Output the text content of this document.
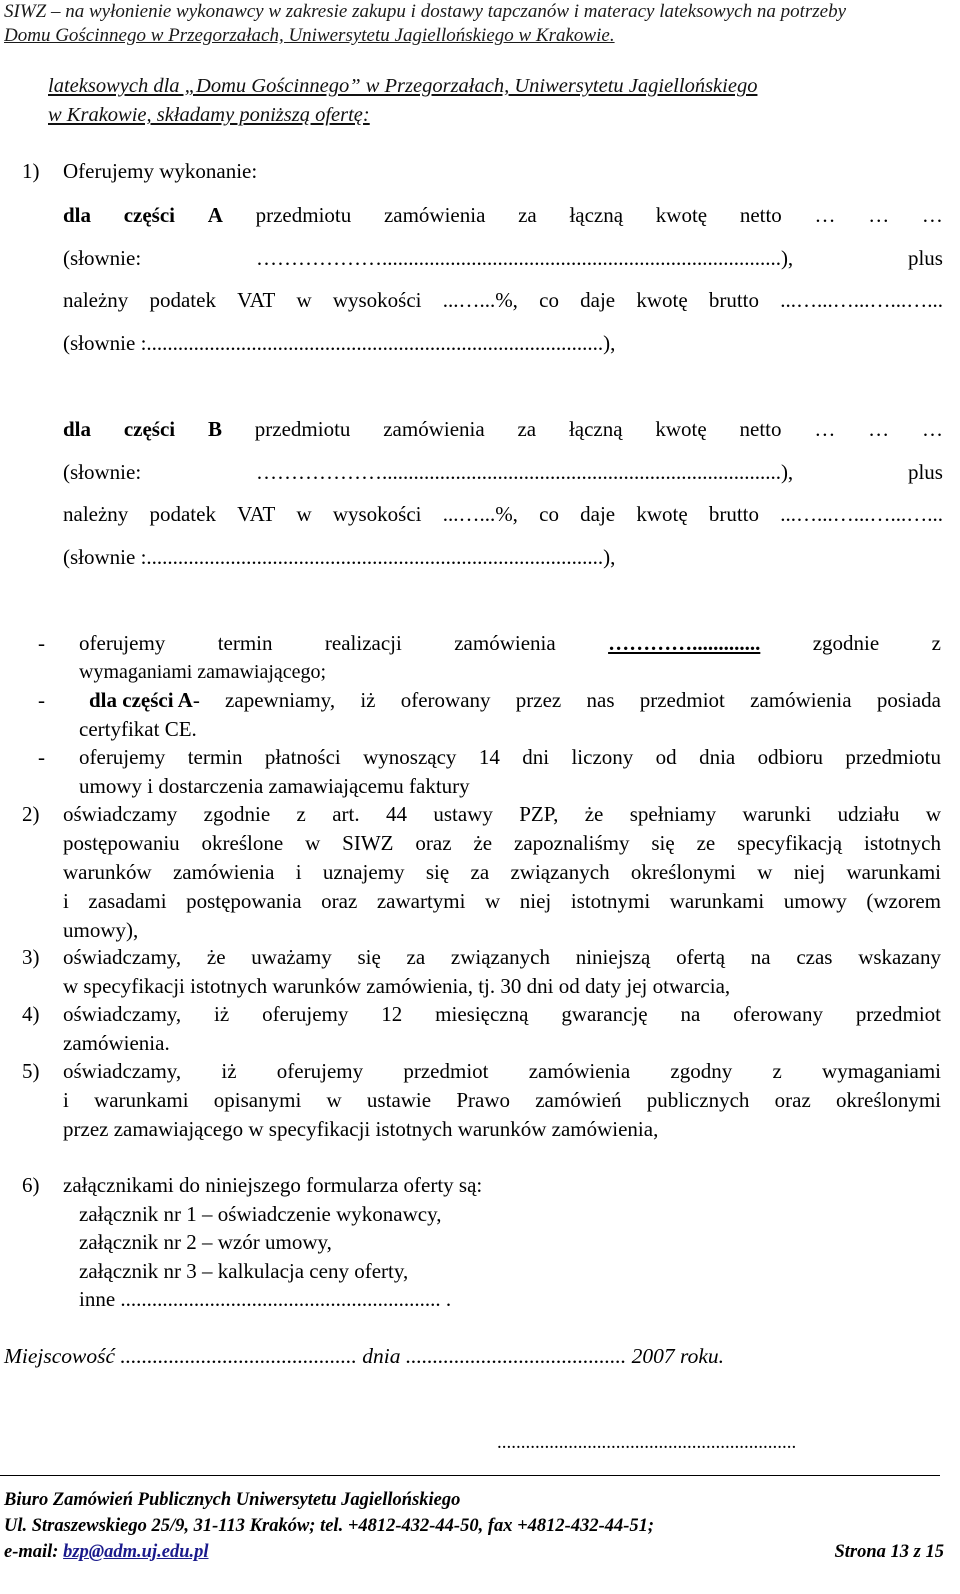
SIWZ – na wyłonienie wykonawcy w zakresie zakupu i dostawy tapczanów i materacy lateksowych na potrzeby
Domu Gościnnego w Przegorzałach, Uniwersytetu Jagiellońskiego w Krakowie.
lateksowych dla „Domu Gościnnego” w Przegorzałach, Uniwersytetu Jagiellońskiego
w Krakowie, składamy poniższą ofertę:
1) Oferujemy wykonanie:
dla części A przedmiotu zamówienia za łączną kwotę netto … … …
(słownie:	………………............................................................................),	plus
należny podatek VAT w wysokości ...…...%, co daje kwotę brutto ...…...…...…...…...
(słownie :.......................................................................................),
dla części B przedmiotu zamówienia za łączną kwotę netto … … …
(słownie:	………………............................................................................),	plus
należny podatek VAT w wysokości ...…...%, co daje kwotę brutto ...…...…...…...…...
(słownie :.......................................................................................),
- oferujemy termin realizacji zamówienia …………............. zgodnie z
wymaganiami zamawiającego;
- dla części A - zapewniamy, iż oferowany przez nas przedmiot zamówienia posiada
certyfikat CE.
- oferujemy termin płatności wynoszący 14 dni liczony od dnia odbioru przedmiotu
umowy i dostarczenia zamawiającemu faktury
2) oświadczamy zgodnie z art. 44 ustawy PZP, że spełniamy warunki udziału w
postępowaniu określone w SIWZ oraz że zapoznaliśmy się ze specyfikacją istotnych
warunków zamówienia i uznajemy się za związanych określonymi w niej warunkami
i zasadami postępowania oraz zawartymi w niej istotnymi warunkami umowy (wzorem
umowy),
3) oświadczamy, że uważamy się za związanych niniejszą ofertą na czas wskazany
w specyfikacji istotnych warunków zamówienia, tj. 30 dni od daty jej otwarcia,
4) oświadczamy, iż oferujemy 12 miesięczną gwarancję na oferowany przedmiot
zamówienia.
5) oświadczamy, iż oferujemy przedmiot zamówienia zgodny z wymaganiami
i warunkami opisanymi w ustawie Prawo zamówień publicznych oraz określonymi
przez zamawiającego w specyfikacji istotnych warunków zamówienia,
6) załącznikami do niniejszego formularza oferty są:
załącznik nr 1 – oświadczenie wykonawcy,
załącznik nr 2 – wzór umowy,
załącznik nr 3 – kalkulacja ceny oferty,
inne ............................................................. .
Miejscowość ............................................ dnia ......................................... 2007 roku.
...............................................................
Biuro Zamówień Publicznych Uniwersytetu Jagiellońskiego
Ul. Straszewskiego 25/9, 31-113 Kraków; tel. +4812-432-44-50, fax +4812-432-44-51;
e-mail: bzp@adm.uj.edu.pl	Strona 13 z 15
